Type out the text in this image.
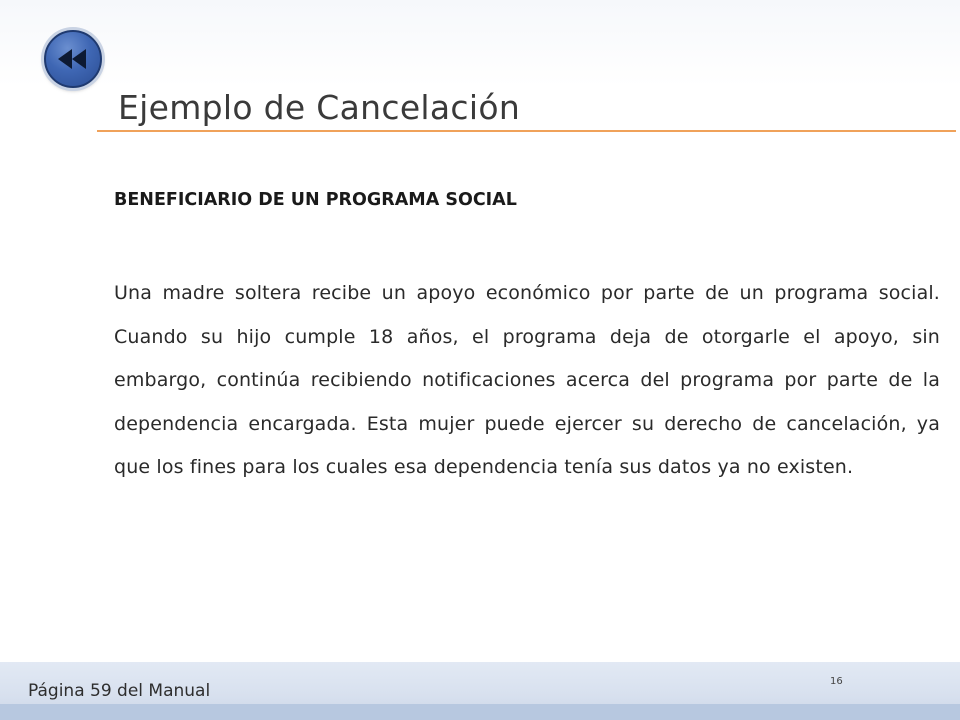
Ejemplo de Cancelación
BENEFICIARIO DE UN PROGRAMA SOCIAL
Una madre soltera recibe un apoyo económico por parte de un programa social. Cuando su hijo cumple 18 años, el programa deja de otorgarle el apoyo, sin embargo, continúa recibiendo notificaciones acerca del programa por parte de la dependencia encargada. Esta mujer puede ejercer su derecho de cancelación, ya que los fines para los cuales esa dependencia tenía sus datos ya no existen.
Página 59 del Manual	16
